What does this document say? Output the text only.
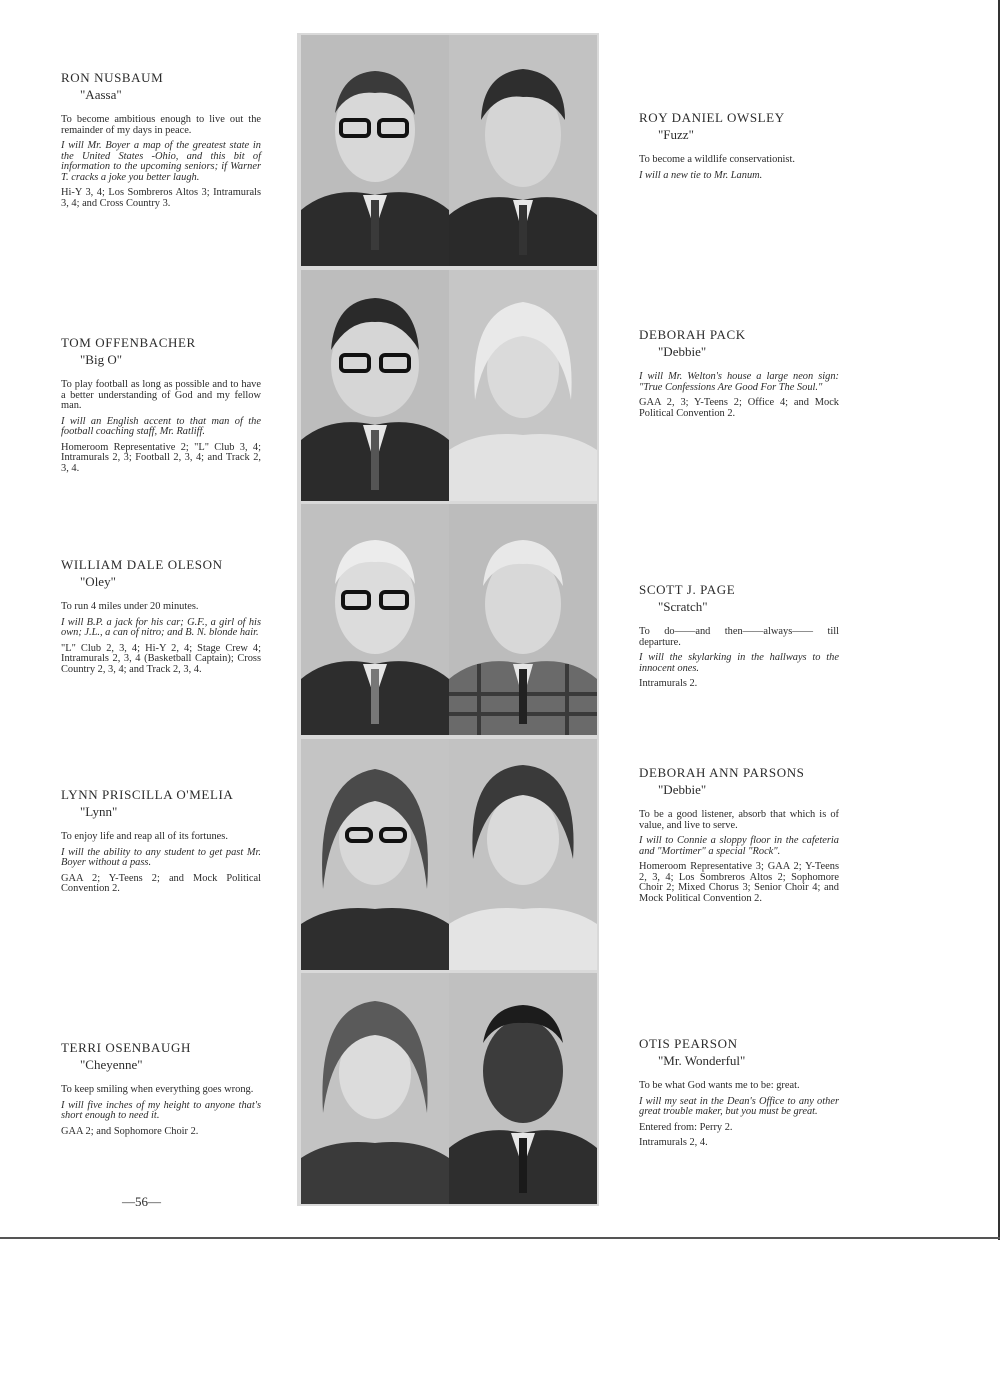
RON NUSBAUM

"Aassa"

To become ambitious enough to live out the remainder of my days in peace.

I will Mr. Boyer a map of the greatest state in the United States -Ohio, and this bit of information to the upcoming seniors; if Warner T. cracks a joke you better laugh.

Hi-Y 3, 4; Los Sombreros Altos 3; Intramurals 3, 4; and Cross Country 3.

TOM OFFENBACHER

"Big O"

To play football as long as possible and to have a better understanding of God and my fellow man.

I will an English accent to that man of the football coaching staff, Mr. Ratliff.

Homeroom Representative 2; "L" Club 3, 4; Intramurals 2, 3; Football 2, 3, 4; and Track 2, 3, 4.

WILLIAM DALE OLESON

"Oley"

To run 4 miles under 20 minutes.

I will B.P. a jack for his car; G.F., a girl of his own; J.L., a can of nitro; and B. N. blonde hair.

"L" Club 2, 3, 4; Hi-Y 2, 4; Stage Crew 4; Intramurals 2, 3, 4 (Basketball Captain); Cross Country 2, 3, 4; and Track 2, 3, 4.

LYNN PRISCILLA O'MELIA

"Lynn"

To enjoy life and reap all of its fortunes.

I will the ability to any student to get past Mr. Boyer without a pass.

GAA 2; Y-Teens 2; and Mock Political Convention 2.

TERRI OSENBAUGH

"Cheyenne"

To keep smiling when everything goes wrong.

I will five inches of my height to anyone that's short enough to need it.

GAA 2; and Sophomore Choir 2.

ROY DANIEL OWSLEY

"Fuzz"

To become a wildlife conservationist.

I will a new tie to Mr. Lanum.

DEBORAH PACK

"Debbie"

I will Mr. Welton's house a large neon sign: "True Confessions Are Good For The Soul."

GAA 2, 3; Y-Teens 2; Office 4; and Mock Political Convention 2.

SCOTT J. PAGE

"Scratch"

To do——and then——always—— till departure.

I will the skylarking in the hallways to the innocent ones.

Intramurals 2.

DEBORAH ANN PARSONS

"Debbie"

To be a good listener, absorb that which is of value, and live to serve.

I will to Connie a sloppy floor in the cafeteria and "Mortimer" a special "Rock".

Homeroom Representative 3; GAA 2; Y-Teens 2, 3, 4; Los Sombreros Altos 2; Sophomore Choir 2; Mixed Chorus 3; Senior Choir 4; and Mock Political Convention 2.

OTIS PEARSON

"Mr. Wonderful"

To be what God wants me to be: great.

I will my seat in the Dean's Office to any other great trouble maker, but you must be great.

Entered from: Perry 2.

Intramurals 2, 4.

—56—
